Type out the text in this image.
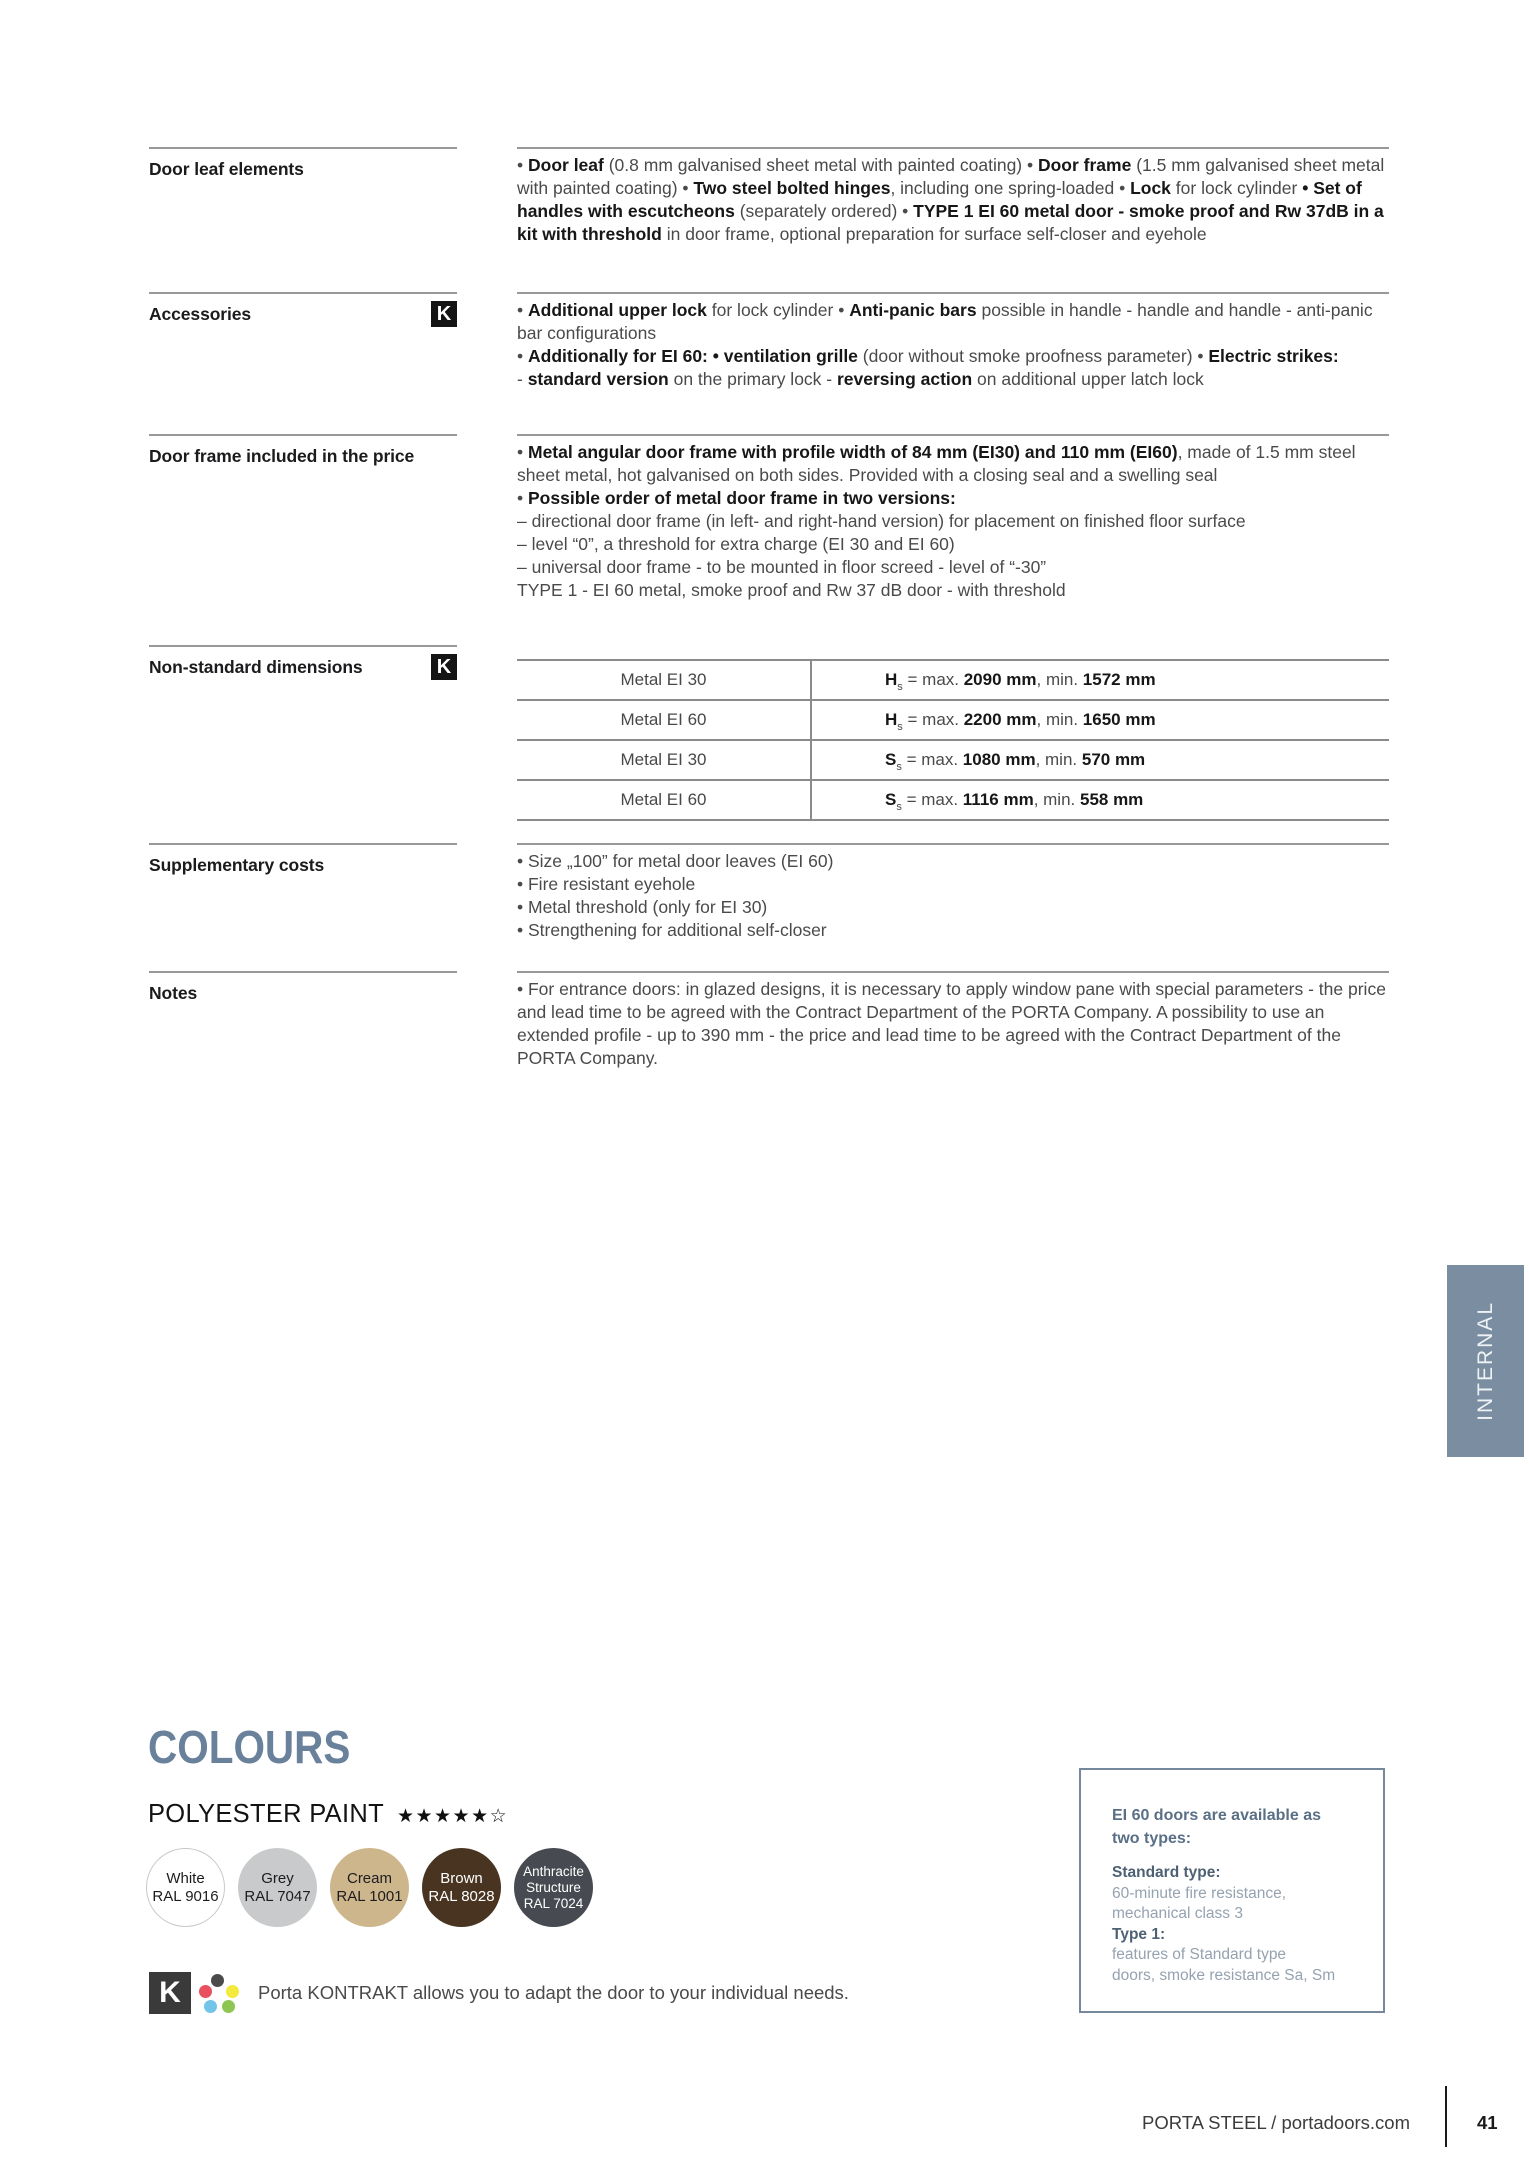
Door leaf elements	• Door leaf (0.8 mm galvanised sheet metal with painted coating) • Door frame (1.5 mm galvanised sheet metal with painted coating) • Two steel bolted hinges, including one spring-loaded • Lock for lock cylinder • Set of handles with escutcheons (separately ordered) • TYPE 1 EI 60 metal door - smoke proof and Rw 37dB in a kit with threshold in door frame, optional preparation for surface self-closer and eyehole
Accessories	K	• Additional upper lock for lock cylinder • Anti-panic bars possible in handle - handle and handle - anti-panic bar configurations
• Additionally for EI 60: • ventilation grille (door without smoke proofness parameter) • Electric strikes:
- standard version on the primary lock - reversing action on additional upper latch lock
Door frame included in the price	• Metal angular door frame with profile width of 84 mm (EI30) and 110 mm (EI60), made of 1.5 mm steel sheet metal, hot galvanised on both sides. Provided with a closing seal and a swelling seal
• Possible order of metal door frame in two versions:
– directional door frame (in left- and right-hand version) for placement on finished floor surface
– level “0”, a threshold for extra charge (EI 30 and EI 60)
– universal door frame - to be mounted in floor screed - level of “-30”
TYPE 1 - EI 60 metal, smoke proof and Rw 37 dB door - with threshold
Non-standard dimensions	K
Metal EI 30	$H_s = \max$. 2090 mm, min. 1572 mm
Metal EI 60	$H_s = \max$. 2200 mm, min. 1650 mm
Metal EI 30	$S_s = \max$. 1080 mm, min. 570 mm
Metal EI 60	$S_s = \max$. 1116 mm, min. 558 mm
Supplementary costs	• Size „100” for metal door leaves (EI 60)
• Fire resistant eyehole
• Metal threshold (only for EI 30)
• Strengthening for additional self-closer
Notes	• For entrance doors: in glazed designs, it is necessary to apply window pane with special parameters - the price and lead time to be agreed with the Contract Department of the PORTA Company. A possibility to use an extended profile - up to 390 mm - the price and lead time to be agreed with the Contract Department of the PORTA Company.
INTERNAL
COLOURS
POLYESTER PAINT ★★★★★☆
White
RAL 9016
Grey
RAL 7047
Cream
RAL 1001
Brown
RAL 8028
Anthracite
Structure
RAL 7024
EI 60 doors are available as
two types:
Standard type:
60-minute fire resistance,
mechanical class 3
Type 1:
features of Standard type
doors, smoke resistance Sa, Sm
K	Porta KONTRAKT allows you to adapt the door to your individual needs.
PORTA STEEL / portadoors.com	41
